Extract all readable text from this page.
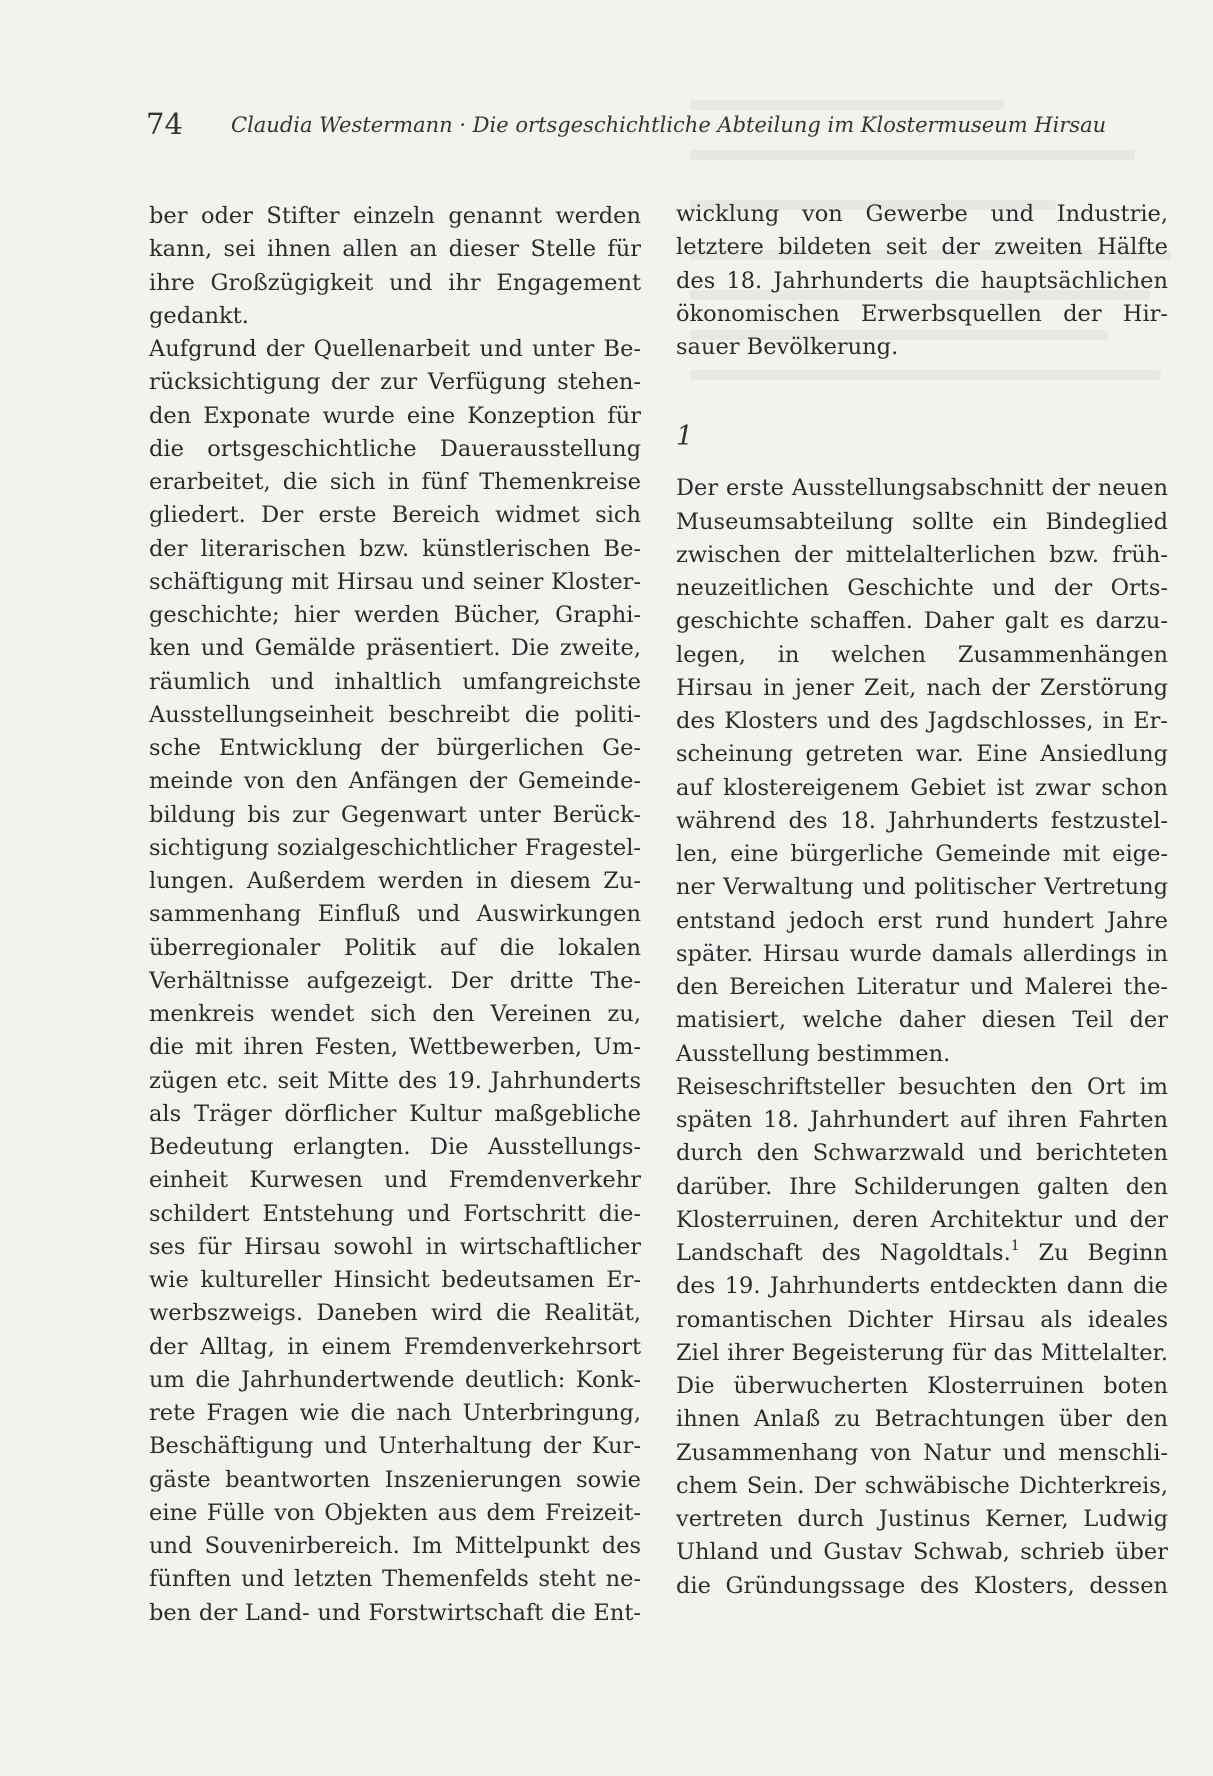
74 Claudia Westermann · Die ortsgeschichtliche Abteilung im Klostermuseum Hirsau
ber oder Stifter einzeln genannt werden
kann, sei ihnen allen an dieser Stelle für
ihre Großzügigkeit und ihr Engagement
gedankt.
Aufgrund der Quellenarbeit und unter Be-
rücksichtigung der zur Verfügung stehen-
den Exponate wurde eine Konzeption für
die ortsgeschichtliche Dauerausstellung
erarbeitet, die sich in fünf Themenkreise
gliedert. Der erste Bereich widmet sich
der literarischen bzw. künstlerischen Be-
schäftigung mit Hirsau und seiner Kloster-
geschichte; hier werden Bücher, Graphi-
ken und Gemälde präsentiert. Die zweite,
räumlich und inhaltlich umfangreichste
Ausstellungseinheit beschreibt die politi-
sche Entwicklung der bürgerlichen Ge-
meinde von den Anfängen der Gemeinde-
bildung bis zur Gegenwart unter Berück-
sichtigung sozialgeschichtlicher Fragestel-
lungen. Außerdem werden in diesem Zu-
sammenhang Einfluß und Auswirkungen
überregionaler Politik auf die lokalen
Verhältnisse aufgezeigt. Der dritte The-
menkreis wendet sich den Vereinen zu,
die mit ihren Festen, Wettbewerben, Um-
zügen etc. seit Mitte des 19. Jahrhunderts
als Träger dörflicher Kultur maßgebliche
Bedeutung erlangten. Die Ausstellungs-
einheit Kurwesen und Fremdenverkehr
schildert Entstehung und Fortschritt die-
ses für Hirsau sowohl in wirtschaftlicher
wie kultureller Hinsicht bedeutsamen Er-
werbszweigs. Daneben wird die Realität,
der Alltag, in einem Fremdenverkehrsort
um die Jahrhundertwende deutlich: Konk-
rete Fragen wie die nach Unterbringung,
Beschäftigung und Unterhaltung der Kur-
gäste beantworten Inszenierungen sowie
eine Fülle von Objekten aus dem Freizeit-
und Souvenirbereich. Im Mittelpunkt des
fünften und letzten Themenfelds steht ne-
ben der Land- und Forstwirtschaft die Ent-
wicklung von Gewerbe und Industrie,
letztere bildeten seit der zweiten Hälfte
des 18. Jahrhunderts die hauptsächlichen
ökonomischen Erwerbsquellen der Hir-
sauer Bevölkerung.
1
Der erste Ausstellungsabschnitt der neuen
Museumsabteilung sollte ein Bindeglied
zwischen der mittelalterlichen bzw. früh-
neuzeitlichen Geschichte und der Orts-
geschichte schaffen. Daher galt es darzu-
legen, in welchen Zusammenhängen
Hirsau in jener Zeit, nach der Zerstörung
des Klosters und des Jagdschlosses, in Er-
scheinung getreten war. Eine Ansiedlung
auf klostereigenem Gebiet ist zwar schon
während des 18. Jahrhunderts festzustel-
len, eine bürgerliche Gemeinde mit eige-
ner Verwaltung und politischer Vertretung
entstand jedoch erst rund hundert Jahre
später. Hirsau wurde damals allerdings in
den Bereichen Literatur und Malerei the-
matisiert, welche daher diesen Teil der
Ausstellung bestimmen.
Reiseschriftsteller besuchten den Ort im
späten 18. Jahrhundert auf ihren Fahrten
durch den Schwarzwald und berichteten
darüber. Ihre Schilderungen galten den
Klosterruinen, deren Architektur und der
Landschaft des Nagoldtals.$^1$ Zu Beginn
des 19. Jahrhunderts entdeckten dann die
romantischen Dichter Hirsau als ideales
Ziel ihrer Begeisterung für das Mittelalter.
Die überwucherten Klosterruinen boten
ihnen Anlaß zu Betrachtungen über den
Zusammenhang von Natur und menschli-
chem Sein. Der schwäbische Dichterkreis,
vertreten durch Justinus Kerner, Ludwig
Uhland und Gustav Schwab, schrieb über
die Gründungssage des Klosters, dessen
